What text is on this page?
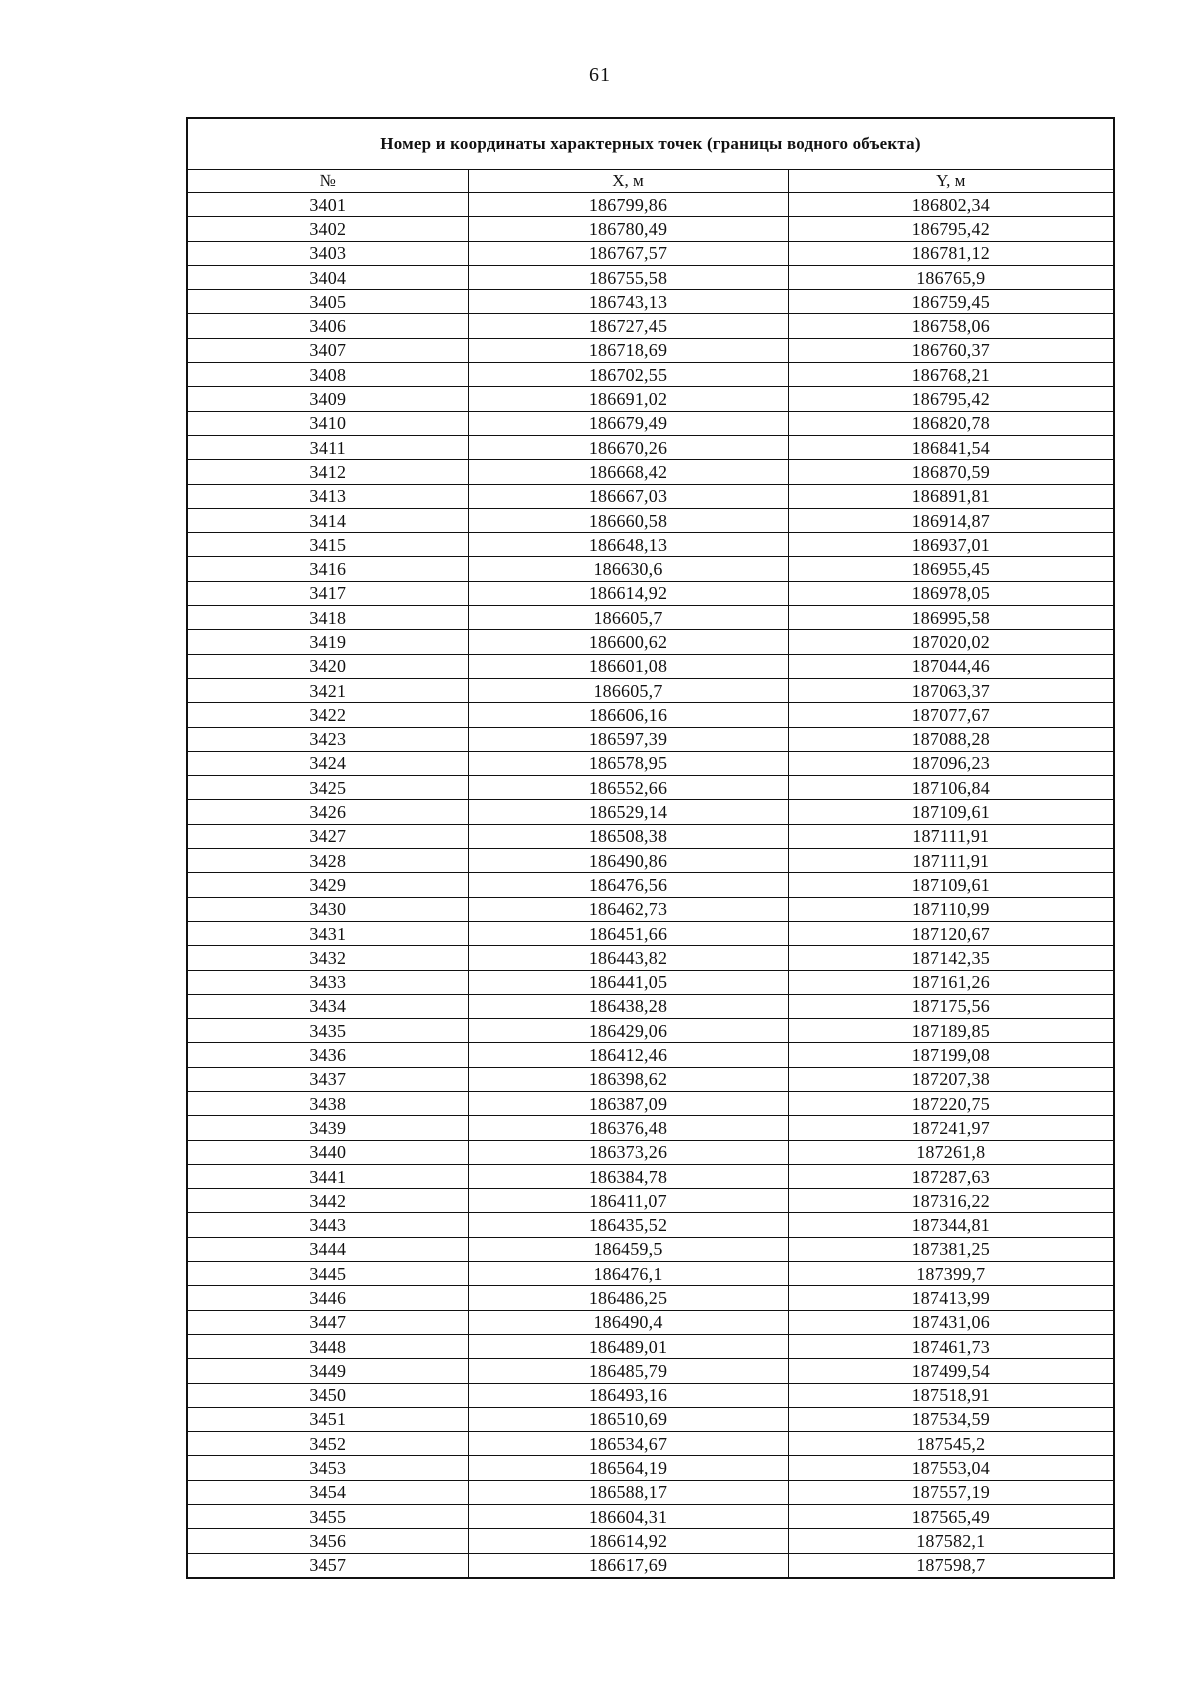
61
Номер и координаты характерных точек (границы водного объекта)		
№	X, м	Y, м
3401	186799,86	186802,34
3402	186780,49	186795,42
3403	186767,57	186781,12
3404	186755,58	186765,9
3405	186743,13	186759,45
3406	186727,45	186758,06
3407	186718,69	186760,37
3408	186702,55	186768,21
3409	186691,02	186795,42
3410	186679,49	186820,78
3411	186670,26	186841,54
3412	186668,42	186870,59
3413	186667,03	186891,81
3414	186660,58	186914,87
3415	186648,13	186937,01
3416	186630,6	186955,45
3417	186614,92	186978,05
3418	186605,7	186995,58
3419	186600,62	187020,02
3420	186601,08	187044,46
3421	186605,7	187063,37
3422	186606,16	187077,67
3423	186597,39	187088,28
3424	186578,95	187096,23
3425	186552,66	187106,84
3426	186529,14	187109,61
3427	186508,38	187111,91
3428	186490,86	187111,91
3429	186476,56	187109,61
3430	186462,73	187110,99
3431	186451,66	187120,67
3432	186443,82	187142,35
3433	186441,05	187161,26
3434	186438,28	187175,56
3435	186429,06	187189,85
3436	186412,46	187199,08
3437	186398,62	187207,38
3438	186387,09	187220,75
3439	186376,48	187241,97
3440	186373,26	187261,8
3441	186384,78	187287,63
3442	186411,07	187316,22
3443	186435,52	187344,81
3444	186459,5	187381,25
3445	186476,1	187399,7
3446	186486,25	187413,99
3447	186490,4	187431,06
3448	186489,01	187461,73
3449	186485,79	187499,54
3450	186493,16	187518,91
3451	186510,69	187534,59
3452	186534,67	187545,2
3453	186564,19	187553,04
3454	186588,17	187557,19
3455	186604,31	187565,49
3456	186614,92	187582,1
3457	186617,69	187598,7
